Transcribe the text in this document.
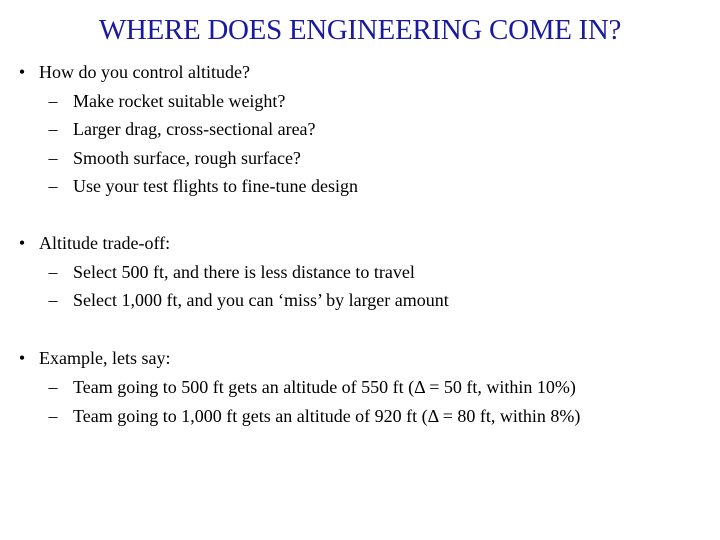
WHERE DOES ENGINEERING COME IN?
• How do you control altitude?
– Make rocket suitable weight?
– Larger drag, cross-sectional area?
– Smooth surface, rough surface?
– Use your test flights to fine-tune design
• Altitude trade-off:
– Select 500 ft, and there is less distance to travel
– Select 1,000 ft, and you can ‘miss’ by larger amount
• Example, lets say:
– Team going to 500 ft gets an altitude of 550 ft (Δ = 50 ft, within 10%)
– Team going to 1,000 ft gets an altitude of 920 ft (Δ = 80 ft, within 8%)
